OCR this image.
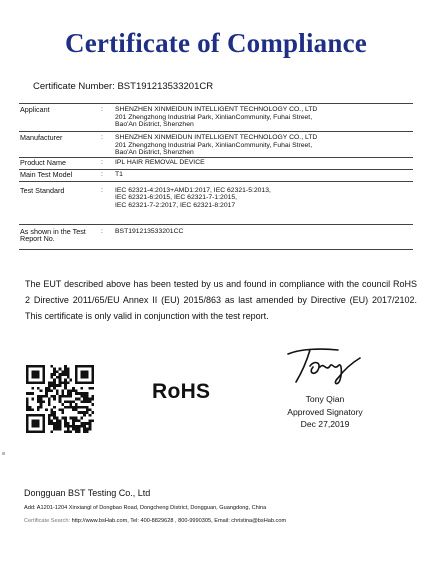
Certificate of Compliance
Certificate Number: BST191213533201CR
Applicant	:	SHENZHEN XINMEIDUN INTELLIGENT TECHNOLOGY CO., LTD
201 Zhengzhong Industrial Park, XinlianCommunity, Fuhai Street,
Bao'An District, Shenzhen

Manufacturer	:	SHENZHEN XINMEIDUN INTELLIGENT TECHNOLOGY CO., LTD
201 Zhengzhong Industrial Park, XinlianCommunity, Fuhai Street,
Bao'An District, Shenzhen

Product Name	:	IPL HAIR REMOVAL DEVICE

Main Test Model	:	T1

Test Standard	:	IEC 62321-4:2013+AMD1:2017, IEC 62321-5:2013,
IEC 62321-6:2015, IEC 62321-7-1:2015,
IEC 62321-7-2:2017, IEC 62321-8:2017

As shown in the Test Report No.	:	BST191213533201CC
The EUT described above has been tested by us and found in compliance with the council RoHS 2 Directive 2011/65/EU Annex II (EU) 2015/863 as last amended by Directive (EU) 2017/2102. This certificate is only valid in conjunction with the test report.
RoHS	Tony Qian
Approved Signatory
Dec 27,2019
Dongguan BST Testing Co., Ltd
Add: A1201-1204 Xinxiangl of Dongbao Road, Dongcheng District, Dongguan, Guangdong, China
Certificate Search: http://www.bsHab.com, Tel: 400-8829628 , 800-9990305, Email: christina@bsHab.com
